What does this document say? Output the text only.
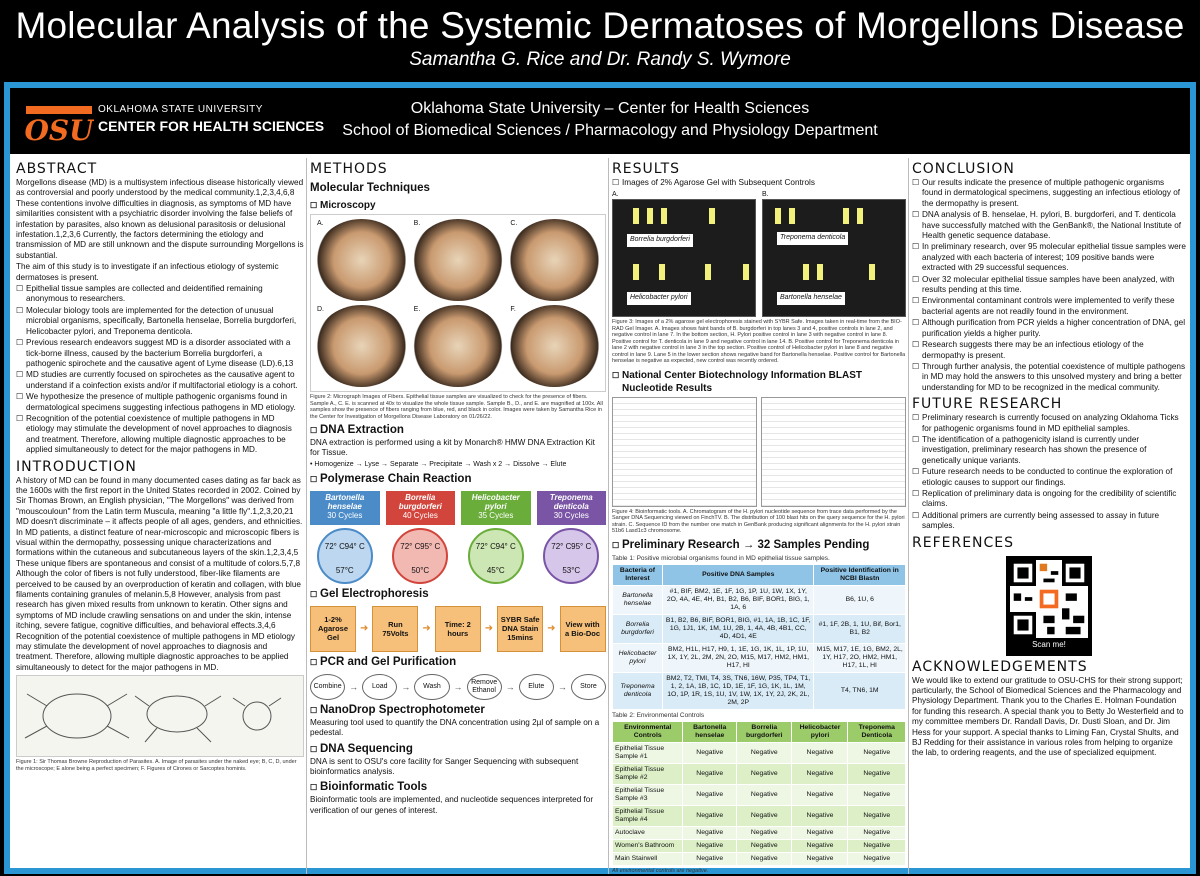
Molecular Analysis of the Systemic Dermatoses of Morgellons Disease
Samantha G. Rice and Dr. Randy S. Wymore
OSU
OKLAHOMA STATE UNIVERSITY
CENTER FOR HEALTH SCIENCES
Oklahoma State University – Center for Health Sciences
School of Biomedical Sciences / Pharmacology and Physiology Department
ABSTRACT

Morgellons disease (MD) is a multisystem infectious disease historically viewed as controversial and poorly understood by the medical community.1,2,3,4,6,8 These contentions involve difficulties in diagnosis, as symptoms of MD have similarities consistent with a psychiatric disorder involving the false beliefs of infestation by parasites, also known as delusional parasitosis or delusional infestation.1,2,3,6 Currently, the factors determining the etiology and transmission of MD are still unknown and the dispute surrounding Morgellons is substantial.

The aim of this study is to investigate if an infectious etiology of systemic dermatoses is present.

☐ Epithelial tissue samples are collected and deidentified remaining anonymous to researchers.

☐ Molecular biology tools are implemented for the detection of unusual microbial organisms, specifically, Bartonella henselae, Borrelia burgdorferi, Helicobacter pylori, and Treponema denticola.

☐ Previous research endeavors suggest MD is a disorder associated with a tick-borne illness, caused by the bacterium Borrelia burgdorferi, a pathogenic spirochete and the causative agent of Lyme disease (LD).6,13

☐ MD studies are currently focused on spirochetes as the causative agent to understand if a coinfection exists and/or if multifactorial etiology is a cohort.

☐ We hypothesize the presence of multiple pathogenic organisms found in dermatological specimens suggesting infectious pathogens in MD etiology.

☐ Recognition of the potential coexistence of multiple pathogens in MD etiology may stimulate the development of novel approaches to diagnosis and treatment. Therefore, allowing multiple diagnostic approaches to be applied simultaneously to detect for the major pathogens in MD.

INTRODUCTION

A history of MD can be found in many documented cases dating as far back as the 1600s with the first report in the United States recorded in 2002. Coined by Sir Thomas Brown, an English physician, "The Morgellons" was derived from "mouscouloun" from the Latin term Muscula, meaning "a little fly".1,2,3,20,21 MD doesn't discriminate – it affects people of all ages, genders, and ethnicities. In MD patients, a distinct feature of near-microscopic and microscopic fibers is visual within the dermopathy, possessing unique characterizations and formations within the cutaneous and subcutaneous layers of the skin.1,2,3,4,5 These unique fibers are spontaneous and consist of a multitude of colors.5,7,8 Although the color of fibers is not fully understood, fiber-like filaments are perceived to be caused by an overproduction of keratin and collagen, with blue filaments containing granules of melanin.5,8 However, analysis from past research has given mixed results from unknown to keratin. Other signs and symptoms of MD include crawling sensations on and under the skin, intense itching, severe fatigue, cognitive difficulties, and behavioral effects.3,4,6 Recognition of the potential coexistence of multiple pathogens in MD etiology may stimulate the development of novel approaches to diagnosis and treatment. Therefore, allowing multiple diagnostic approaches to be applied simultaneously to detect for the major pathogens in MD.

Figure 1: Sir Thomas Browne Reproduction of Parasites. A. Image of parasites under the naked eye; B, C, D, under the microscope; E alone being a perfect specimen; F. Figures of Cirones or Sarcoptes hominis.

METHODS
Molecular Techniques
☐ Microscopy
A.	B.	C.
D.	E.	F.

Figure 2: Micrograph Images of Fibers. Epithelial tissue samples are visualized to check for the presence of fibers. Sample A., C. E. is scanned at 40x to visualize the whole tissue sample. Sample B., D., and E. are magnified at 100x. All samples show the presence of fibers ranging from blue, red, and black in color. Images were taken by Samantha Rice in the Center for Investigation of Morgellons Disease Laboratory on 01/26/22.

☐ DNA Extraction

DNA extraction is performed using a kit by Monarch® HMW DNA Extraction Kit for Tissue.

• Homogenize → Lyse → Separate → Precipitate → Wash x 2 → Dissolve → Elute

☐ Polymerase Chain Reaction
Bartonella henselae
30 Cycles
72° C 94° C
57°C
Borrelia burgdorferi
40 Cycles
72° C 95° C
50°C
Helicobacter pylori
35 Cycles
72° C 94° C
45°C
Treponema denticola
30 Cycles
72° C 95° C
53°C
☐ Gel Electrophoresis
1-2% Agarose Gel
➜	Run 75Volts	➜	Time: 2 hours	➜
SYBR Safe DNA Stain 15mins
➜	View with a Bio-Doc
☐ PCR and Gel Purification
Combine →	Load	→	Wash	→	Remove Ethanol	→	Elute	→	Store
☐ NanoDrop Spectrophotometer

Measuring tool used to quantify the DNA concentration using 2µl of sample on a pedestal.

☐ DNA Sequencing

DNA is sent to OSU's core facility for Sanger Sequencing with subsequent bioinformatics analysis.

☐ Bioinformatic Tools

Bioinformatic tools are implemented, and nucleotide sequences interpreted for verification of our genes of interest.

RESULTS

☐ Images of 2% Agarose Gel with Subsequent Controls

A.
Borrelia burgdorferi
Helicobacter pylori
B.
Treponema denticola
Bartonella henselae

Figure 3: Images of a 2% agarose gel electrophoresis stained with SYBR Safe. Images taken in real-time from the BIO-RAD Gel Imager. A. Images shows faint bands of B. burgdorferi in top lanes 3 and 4, positive controls in lane 2, and negative control in lane 7. In the bottom section, H. Pylori positive control in lane 3 with negative control in lane 8. Positive control for T. denticola in lane 9 and negative control in lane 14. B. Positive control for Treponema denticola in lane 2 with negative control in lane 3 in the top section. Positive control of Helicobacter pylori in lane 8 and negative control in lane 9. Lane 5 in the lower section shows negative band for Bartonella henselae. Positive control for Bartonella henselae is negative as expected, new control was recently ordered.

☐ National Center Biotechnology Information BLAST Nucleotide Results

Figure 4: Bioinformatic tools. A. Chromatogram of the H. pylori nucleotide sequence from trace data performed by the Sanger DNA Sequencing viewed on FinchTV. B. The distribution of 100 blast hits on the query sequence for the H. pylori strain. C. Sequence ID from the number one match in GenBank producing significant alignments for the H. pylori strain 51b6 Lasd1c3 chromosome.

☐ Preliminary Research → 32 Samples Pending

Table 1: Positive microbial organisms found in MD epithelial tissue samples.

Bacteria of Interest	Positive DNA Samples	Positive Identification in NCBI Blastn
Bartonella henselae	#1, BIF, BM2, 1E, 1F, 1G, 1P, 1U, 1W, 1X, 1Y, 2O, 4A, 4E, 4H, B1, B2, B6, BIF, BOR1, BIG, 1, 1A, 6	B6, 1U, 6
Borrelia burgdorferi	B1, B2, B6, BIF, BOR1, BIG, #1, 1A, 1B, 1C, 1F, 1G, 1J1, 1K, 1M, 1U, 2B, 1, 4A, 4B, 4B1, CC, 4D, 4D1, 4E	#1, 1F, 2B, 1, 1U, Bif, Bor1, B1, B2
Helicobacter pylori	BM2, H1L, H17, H9, 1, 1E, 1G, 1K, 1L, 1P, 1U, 1X, 1Y, 2L, 2M, 2N, 2O, M15, M17, HM2, HM1, H17, HI	M15, M17, 1E, 1G, BM2, 2L, 1Y, H17, 2O, HM2, HM1, H17, 1L, HI
Treponema denticola	BM2, T2, TMI, T4, 3S, TN6, 16W, P35, TP4, T1, 1, 2, 1A, 1B, 1C, 1D, 1E, 1F, 1G, 1K, 1L, 1M, 1O, 1P, 1R, 1S, 1U, 1V, 1W, 1X, 1Y, 2J, 2K, 2L, 2M, 2P	T4, TN6, 1M

Table 2: Environmental Controls

Environmental Controls	Bartonella henselae	Borrelia burgdorferi	Helicobacter pylori	Treponema Denticola
Epithelial Tissue Sample #1	Negative	Negative	Negative	Negative
Epithelial Tissue Sample #2	Negative	Negative	Negative	Negative
Epithelial Tissue Sample #3	Negative	Negative	Negative	Negative
Epithelial Tissue Sample #4	Negative	Negative	Negative	Negative
Autoclave	Negative	Negative	Negative	Negative
Women's Bathroom	Negative	Negative	Negative	Negative
Main Stairwell	Negative	Negative	Negative	Negative

All environmental controls are negative.

CONCLUSION

☐ Our results indicate the presence of multiple pathogenic organisms found in dermatological specimens, suggesting an infectious etiology of the dermopathy is present.

☐ DNA analysis of B. henselae, H. pylori, B. burgdorferi, and T. denticola have successfully matched with the GenBank®, the National Institute of Health genetic sequence database.

☐ In preliminary research, over 95 molecular epithelial tissue samples were analyzed with each bacteria of interest; 109 positive bands were extracted with 29 successful sequences.

☐ Over 32 molecular epithelial tissue samples have been analyzed, with results pending at this time.

☐ Environmental contaminant controls were implemented to verify these bacterial agents are not readily found in the environment.

☐ Although purification from PCR yields a higher concentration of DNA, gel purification yields a higher purity.

☐ Research suggests there may be an infectious etiology of the dermopathy is present.

☐ Through further analysis, the potential coexistence of multiple pathogens in MD may hold the answers to this unsolved mystery and bring a better understanding for MD to be recognized in the medical community.

FUTURE RESEARCH

☐ Preliminary research is currently focused on analyzing Oklahoma Ticks for pathogenic organisms found in MD epithelial samples.

☐ The identification of a pathogenicity island is currently under investigation, preliminary research has shown the presence of genetically unique variants.

☐ Future research needs to be conducted to continue the exploration of etiologic causes to support our findings.

☐ Replication of preliminary data is ongoing for the credibility of scientific claims.

☐ Additional primers are currently being assessed to assay in future samples.

REFERENCES
Scan me!
ACKNOWLEDGEMENTS

We would like to extend our gratitude to OSU-CHS for their strong support; particularly, the School of Biomedical Sciences and the Pharmacology and Physiology Department. Thank you to the Charles E. Holman Foundation for funding this research. A special thank you to Betty Jo Westerfield and to my committee members Dr. Randall Davis, Dr. Dusti Sloan, and Dr. Jim Hess for your support. A special thanks to Liming Fan, Crystal Shults, and BJ Redding for their assistance in various roles from helping to organize the lab, to ordering reagents, and the use of specialized equipment.
